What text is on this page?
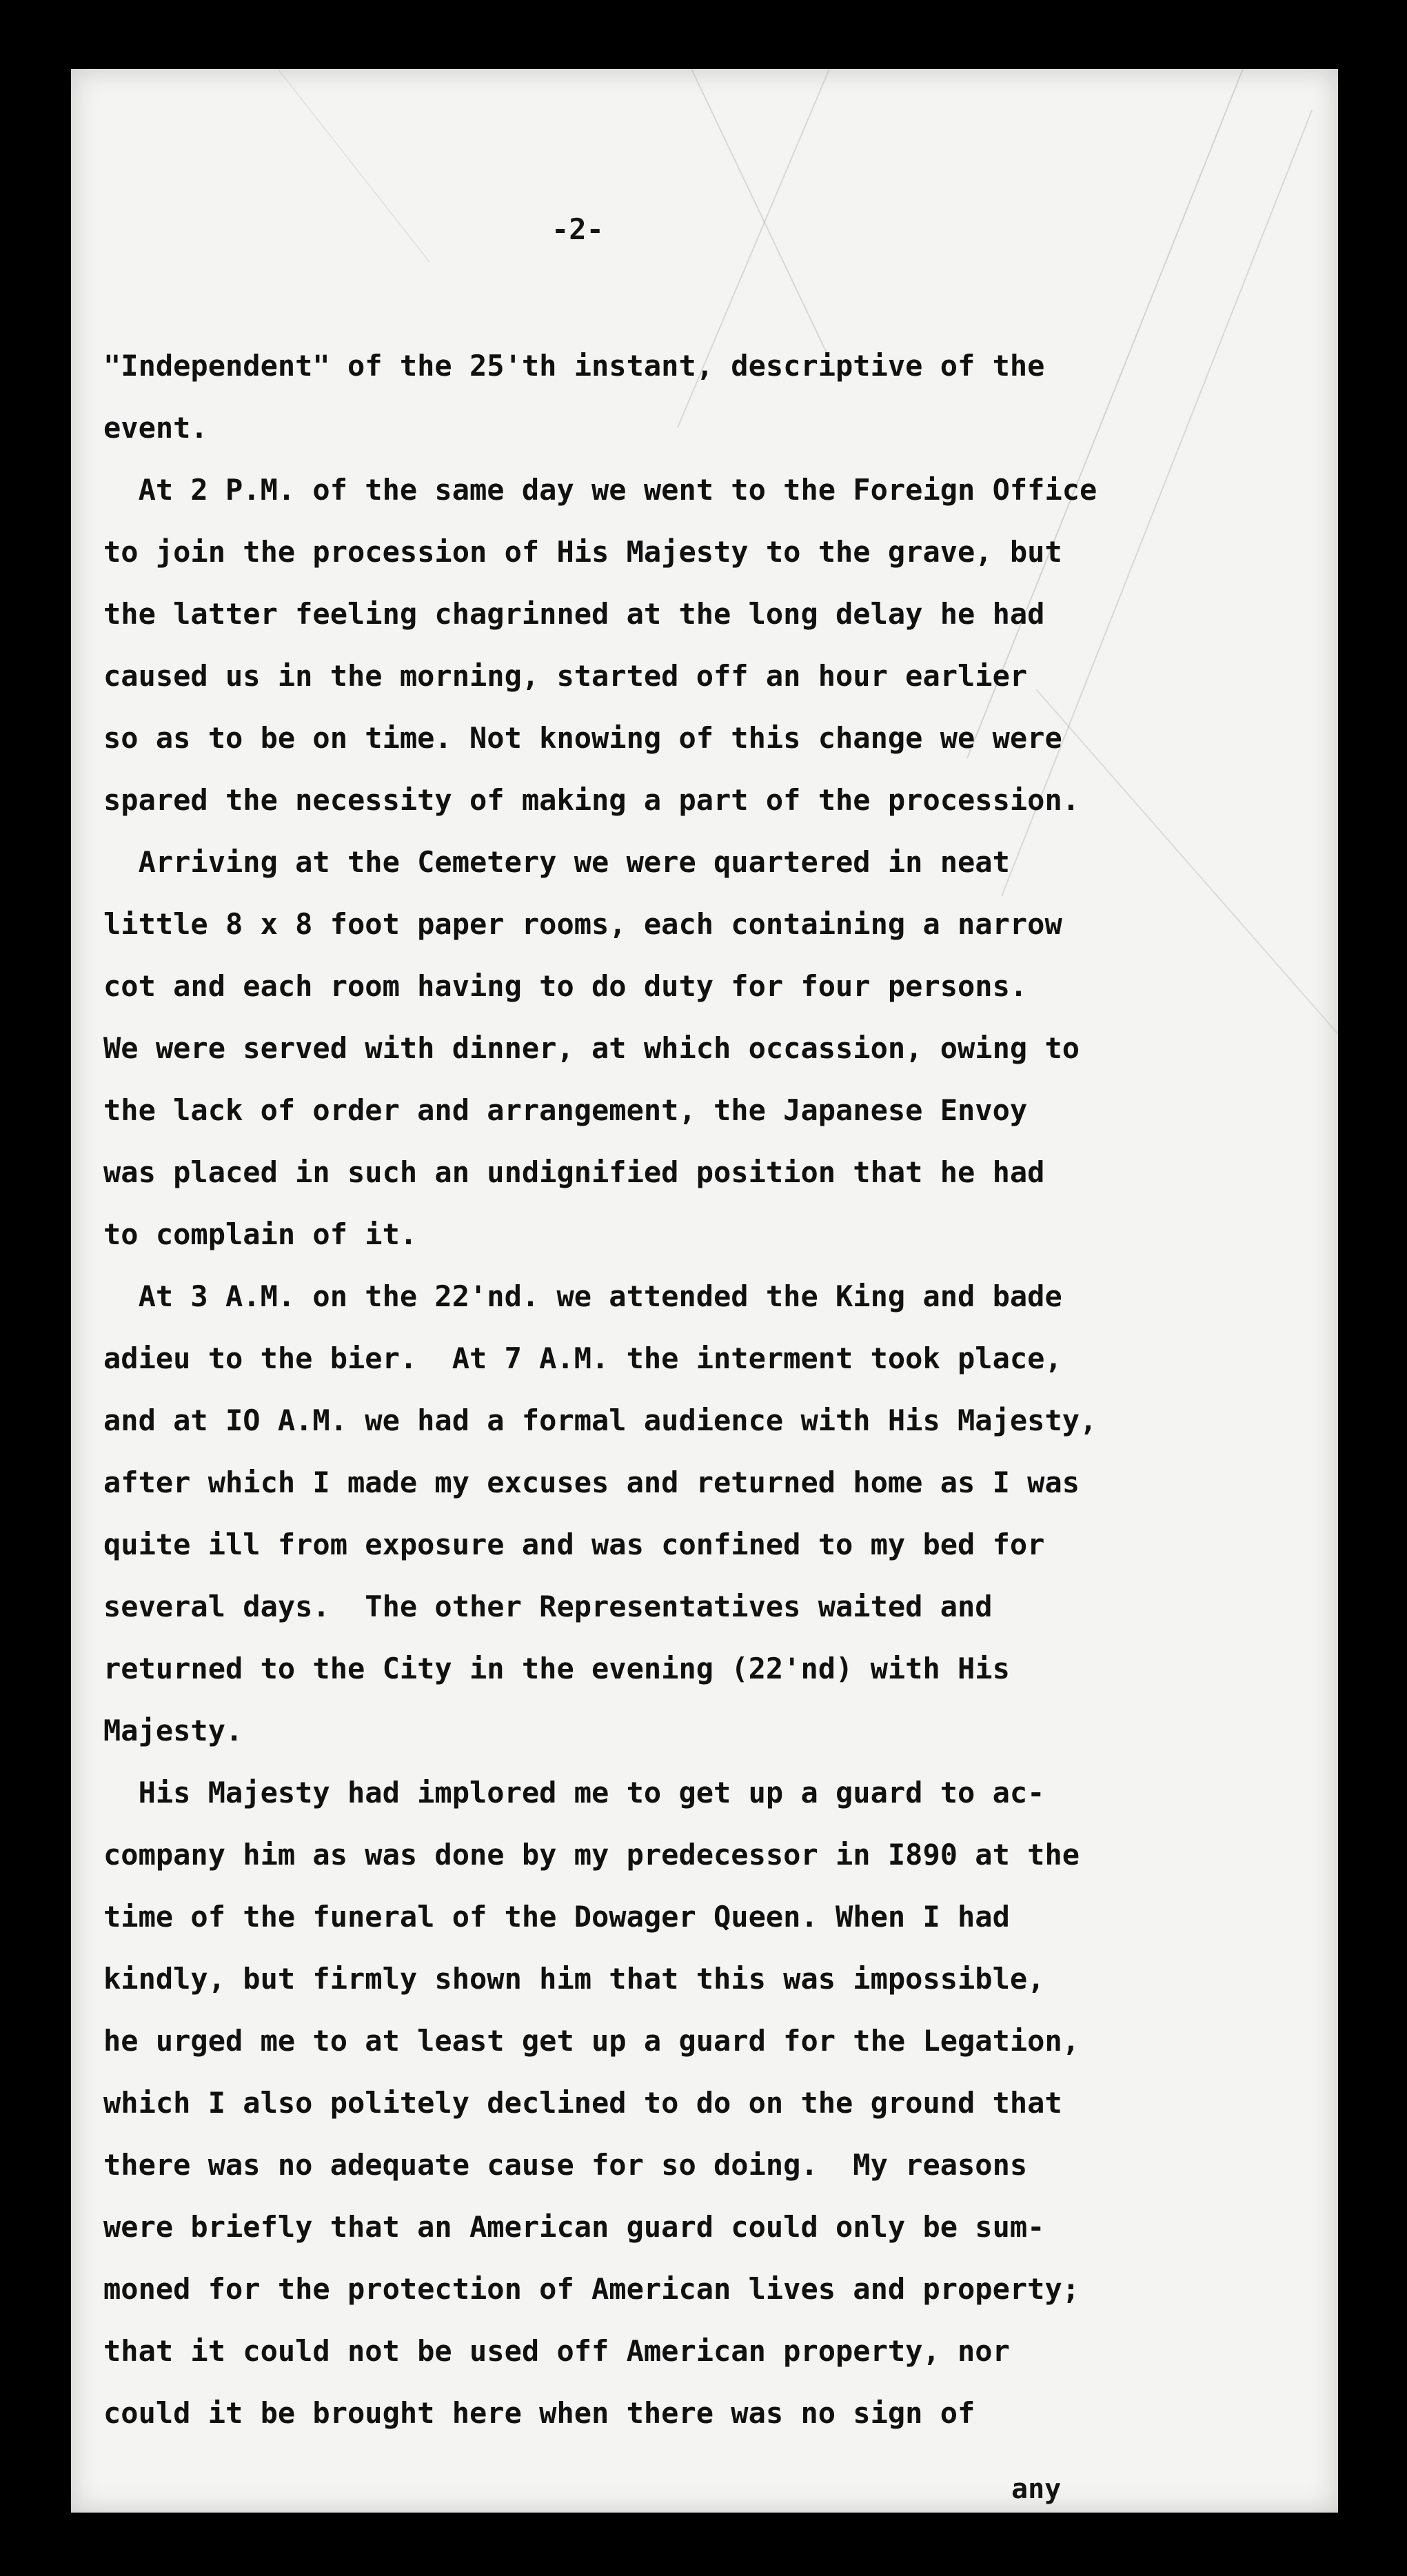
-2-
"Independent" of the 25'th instant, descriptive of the
event.
At 2 P.M. of the same day we went to the Foreign Office
to join the procession of His Majesty to the grave, but
the latter feeling chagrinned at the long delay he had
caused us in the morning, started off an hour earlier
so as to be on time. Not knowing of this change we were
spared the necessity of making a part of the procession.
Arriving at the Cemetery we were quartered in neat
little 8 x 8 foot paper rooms, each containing a narrow
cot and each room having to do duty for four persons.
We were served with dinner, at which occassion, owing to
the lack of order and arrangement, the Japanese Envoy
was placed in such an undignified position that he had
to complain of it.
At 3 A.M. on the 22'nd. we attended the King and bade
adieu to the bier.  At 7 A.M. the interment took place,
and at IO A.M. we had a formal audience with His Majesty,
after which I made my excuses and returned home as I was
quite ill from exposure and was confined to my bed for
several days.  The other Representatives waited and
returned to the City in the evening (22'nd) with His
Majesty.
His Majesty had implored me to get up a guard to ac-
company him as was done by my predecessor in I890 at the
time of the funeral of the Dowager Queen. When I had
kindly, but firmly shown him that this was impossible,
he urged me to at least get up a guard for the Legation,
which I also politely declined to do on the ground that
there was no adequate cause for so doing.  My reasons
were briefly that an American guard could only be sum-
moned for the protection of American lives and property;
that it could not be used off American property, nor
could it be brought here when there was no sign of
any
